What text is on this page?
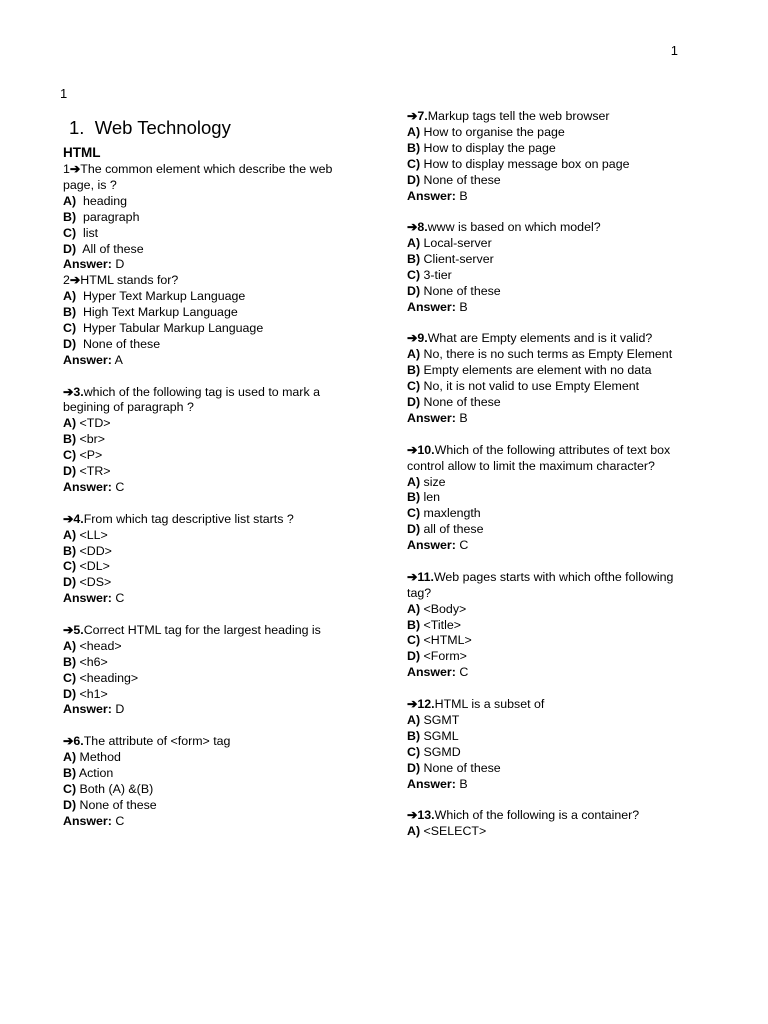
1
1
1. Web Technology
HTML
1➔The common element which describe the web
page, is ?
A) heading
B) paragraph
C) list
D) All of these
Answer: D
2➔HTML stands for?
A) Hyper Text Markup Language
B) High Text Markup Language
C) Hyper Tabular Markup Language
D) None of these
Answer: A
➔3.which of the following tag is used to mark a
begining of paragraph ?
A) <TD>
B) <br>
C) <P>
D) <TR>
Answer: C
➔4.From which tag descriptive list starts ?
A) <LL>
B) <DD>
C) <DL>
D) <DS>
Answer: C
➔5.Correct HTML tag for the largest heading is
A) <head>
B) <h6>
C) <heading>
D) <h1>
Answer: D
➔6.The attribute of <form> tag
A) Method
B) Action
C) Both (A) &(B)
D) None of these
Answer: C
➔7.Markup tags tell the web browser
A) How to organise the page
B) How to display the page
C) How to display message box on page
D) None of these
Answer: B
➔8.www is based on which model?
A) Local-server
B) Client-server
C) 3-tier
D) None of these
Answer: B
➔9.What are Empty elements and is it valid?
A) No, there is no such terms as Empty Element
B) Empty elements are element with no data
C) No, it is not valid to use Empty Element
D) None of these
Answer: B
➔10.Which of the following attributes of text box
control allow to limit the maximum character?
A) size
B) len
C) maxlength
D) all of these
Answer: C
➔11.Web pages starts with which ofthe following
tag?
A) <Body>
B) <Title>
C) <HTML>
D) <Form>
Answer: C
➔12.HTML is a subset of
A) SGMT
B) SGML
C) SGMD
D) None of these
Answer: B
➔13.Which of the following is a container?
A) <SELECT>
